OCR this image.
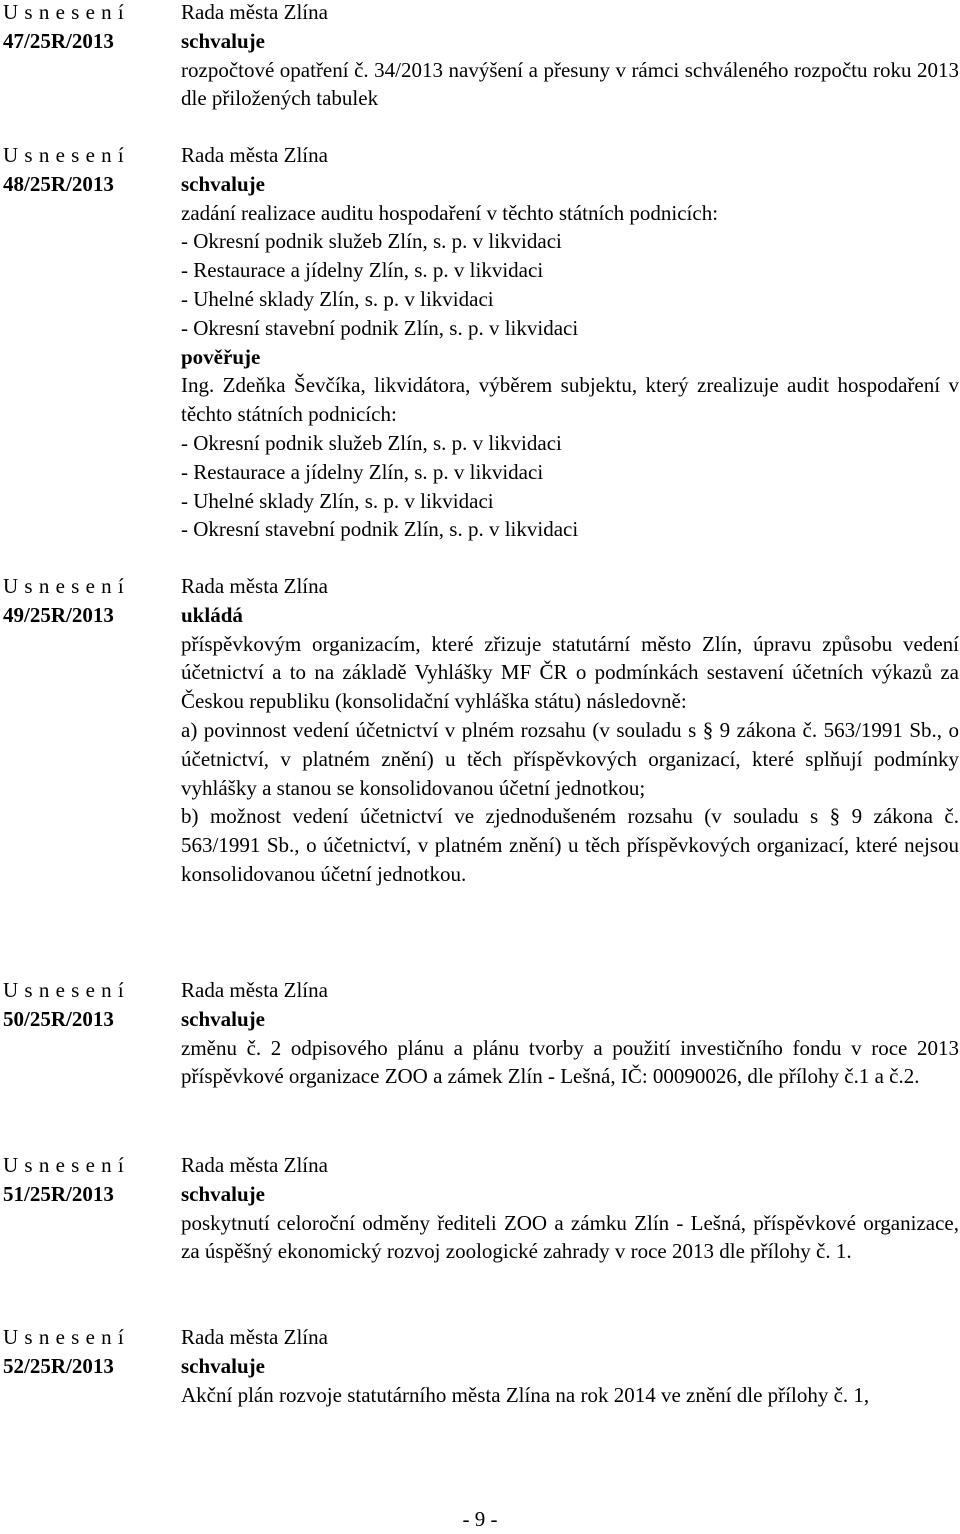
U s n e s e n í
47/25R/2013
Rada města Zlína
schvaluje
rozpočtové opatření č. 34/2013 navýšení a přesuny v rámci schváleného rozpočtu roku 2013 dle přiložených tabulek
U s n e s e n í
48/25R/2013
Rada města Zlína
schvaluje
zadání realizace auditu hospodaření v těchto státních podnicích:
- Okresní podnik služeb Zlín, s. p. v likvidaci
- Restaurace a jídelny Zlín, s. p. v likvidaci
- Uhelné sklady Zlín, s. p. v likvidaci
- Okresní stavební podnik Zlín, s. p. v likvidaci
pověřuje
Ing. Zdeňka Ševčíka, likvidátora, výběrem subjektu, který zrealizuje audit hospodaření v těchto státních podnicích:
- Okresní podnik služeb Zlín, s. p. v likvidaci
- Restaurace a jídelny Zlín, s. p. v likvidaci
- Uhelné sklady Zlín, s. p. v likvidaci
- Okresní stavební podnik Zlín, s. p. v likvidaci
U s n e s e n í
49/25R/2013
Rada města Zlína
ukládá
příspěvkovým organizacím, které zřizuje statutární město Zlín, úpravu způsobu vedení účetnictví a to na základě Vyhlášky MF ČR o podmínkách sestavení účetních výkazů za Českou republiku (konsolidační vyhláška státu) následovně:
a) povinnost vedení účetnictví v plném rozsahu (v souladu s § 9 zákona č. 563/1991 Sb., o účetnictví, v platném znění) u těch příspěvkových organizací, které splňují podmínky vyhlášky a stanou se konsolidovanou účetní jednotkou;
b) možnost vedení účetnictví ve zjednodušeném rozsahu (v souladu s § 9 zákona č. 563/1991 Sb., o účetnictví, v platném znění) u těch příspěvkových organizací, které nejsou konsolidovanou účetní jednotkou.
U s n e s e n í
50/25R/2013
Rada města Zlína
schvaluje
změnu č. 2 odpisového plánu a plánu tvorby a použití investičního fondu v roce 2013 příspěvkové organizace ZOO a zámek Zlín - Lešná, IČ: 00090026, dle přílohy č.1 a č.2.
U s n e s e n í
51/25R/2013
Rada města Zlína
schvaluje
poskytnutí celoroční odměny řediteli ZOO a zámku Zlín - Lešná, příspěvkové organizace, za úspěšný ekonomický rozvoj zoologické zahrady v roce 2013 dle přílohy č. 1.
U s n e s e n í
52/25R/2013
Rada města Zlína
schvaluje
Akční plán rozvoje statutárního města Zlína na rok 2014 ve znění dle přílohy č. 1,
- 9 -
